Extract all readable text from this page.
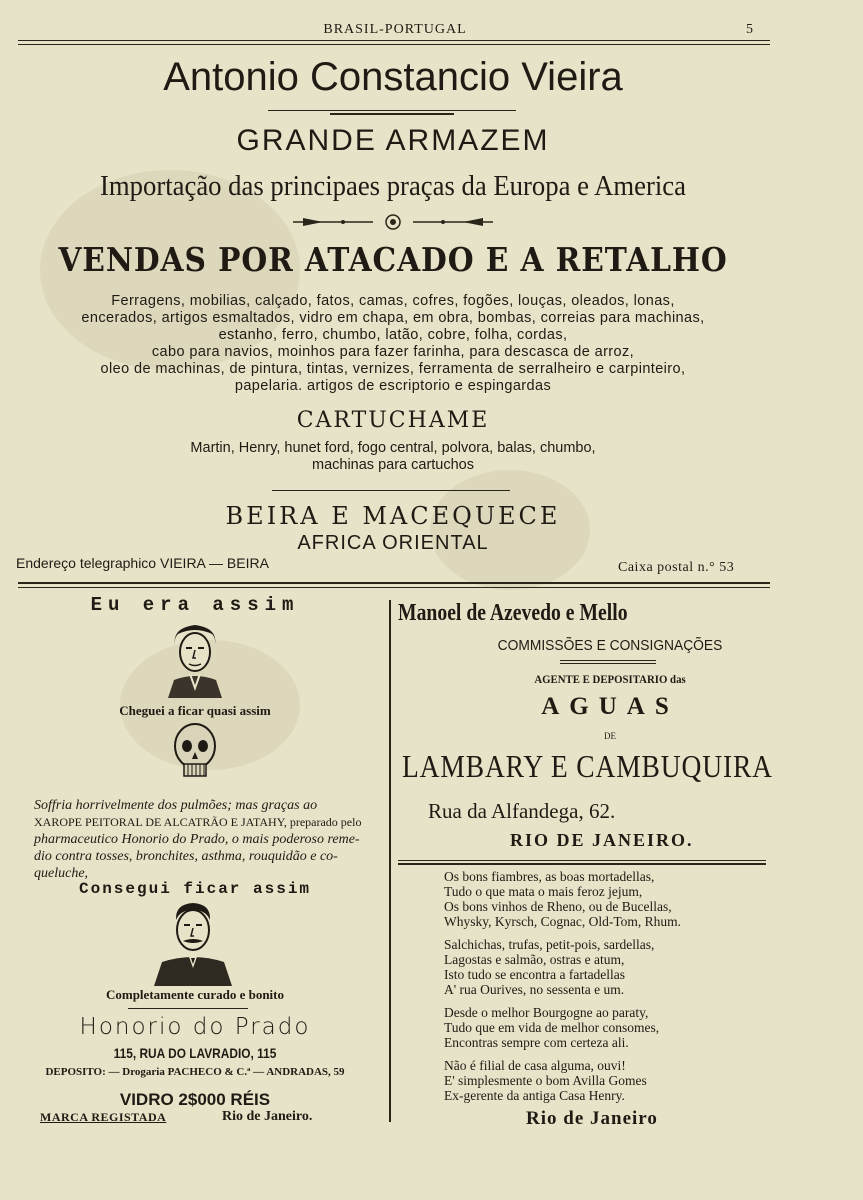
BRASIL-PORTUGAL	5
Antonio Constancio Vieira
GRANDE ARMAZEM
Importação das principaes praças da Europa e America
VENDAS POR ATACADO E A RETALHO
Ferragens, mobilias, calçado, fatos, camas, cofres, fogões, louças, oleados, lonas,
encerados, artigos esmaltados, vidro em chapa, em obra, bombas, correias para machinas,
estanho, ferro, chumbo, latão, cobre, folha, cordas,
cabo para navios, moinhos para fazer farinha, para descasca de arroz,
oleo de machinas, de pintura, tintas, vernizes, ferramenta de serralheiro e carpinteiro,
papelaria. artigos de escriptorio e espingardas
CARTUCHAME
Martin, Henry, hunet ford, fogo central, polvora, balas, chumbo,
machinas para cartuchos
BEIRA E MACEQUECE
AFRICA ORIENTAL
Endereço telegraphico VIEIRA — BEIRA	Caixa postal n.° 53
Eu era assim
Cheguei a ficar quasi assim
Soffria horrivelmente dos pulmões; mas graças ao
XAROPE PEITORAL DE ALCATRÃO E JATAHY, preparado pelo
pharmaceutico Honorio do Prado, o mais poderoso reme-
dio contra tosses, bronchites, asthma, rouquidão e co-
queluche,
Consegui ficar assim
Completamente curado e bonito
Honorio do Prado
115, RUA DO LAVRADIO, 115
DEPOSITO: — Drogaria PACHECO & C.ª — ANDRADAS, 59
VIDRO 2$000 RÉIS
MARCA REGISTADA	Rio de Janeiro.
Manoel de Azevedo e Mello
COMMISSÕES E CONSIGNAÇÕES
AGENTE E DEPOSITARIO das
AGUAS
DE
LAMBARY E CAMBUQUIRA
Rua da Alfandega, 62.
RIO DE JANEIRO.
Os bons fiambres, as boas mortadellas,
Tudo o que mata o mais feroz jejum,
Os bons vinhos de Rheno, ou de Bucellas,
Whysky, Kyrsch, Cognac, Old-Tom, Rhum.
Salchichas, trufas, petit-pois, sardellas,
Lagostas e salmão, ostras e atum,
Isto tudo se encontra a fartadellas
A' rua Ourives, no sessenta e um.
Desde o melhor Bourgogne ao paraty,
Tudo que em vida de melhor consomes,
Encontras sempre com certeza ali.
Não é filial de casa alguma, ouvi!
E' simplesmente o bom Avilla Gomes
Ex-gerente da antiga Casa Henry.
Rio de Janeiro
